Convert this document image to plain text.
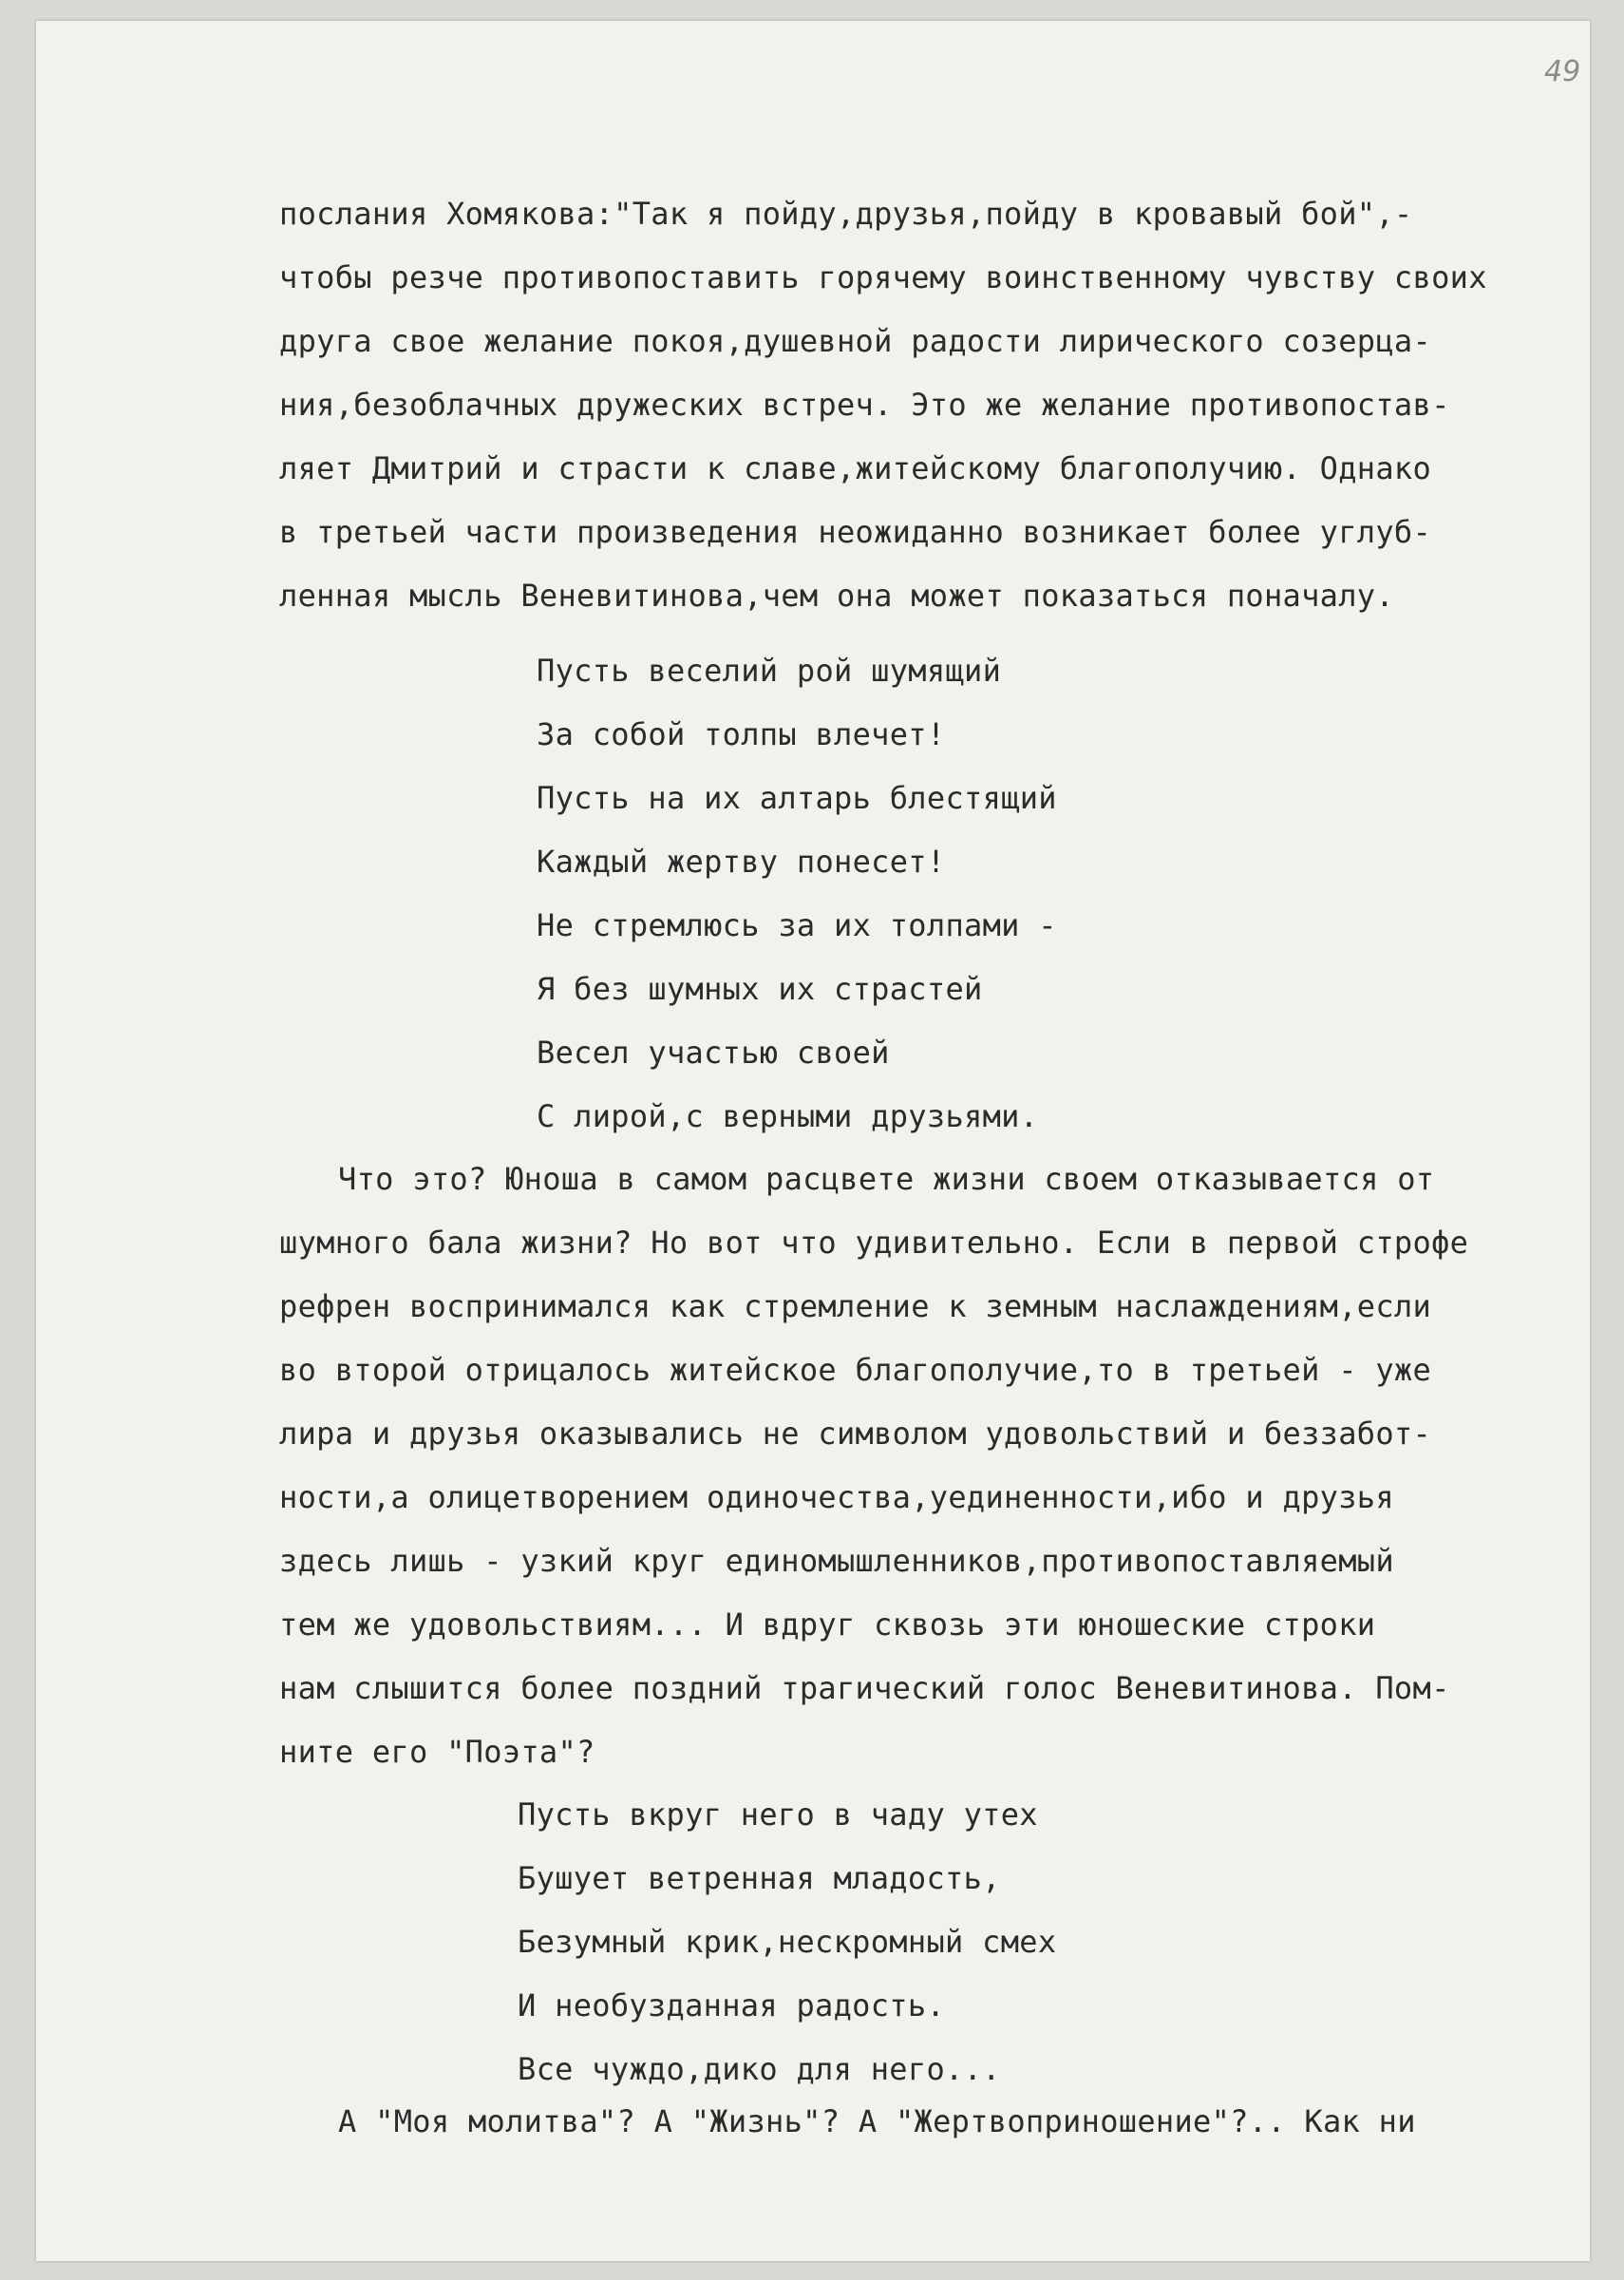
49
послания Хомякова:"Так я пойду,друзья,пойду в кровавый бой",-
чтобы резче противопоставить горячему воинственному чувству своих
друга свое желание покоя,душевной радости лирического созерца-
ния,безоблачных дружеских встреч. Это же желание противопостав-
ляет Дмитрий и страсти к славе,житейскому благополучию. Однако
в третьей части произведения неожиданно возникает более углуб-
ленная мысль Веневитинова,чем она может показаться поначалу.
Пусть веселий рой шумящий
За собой толпы влечет!
Пусть на их алтарь блестящий
Каждый жертву понесет!
Не стремлюсь за их толпами -
Я без шумных их страстей
Весел участью своей
С лирой,с верными друзьями.
Что это? Юноша в самом расцвете жизни своем отказывается от
шумного бала жизни? Но вот что удивительно. Если в первой строфе
рефрен воспринимался как стремление к земным наслаждениям,если
во второй отрицалось житейское благополучие,то в третьей - уже
лира и друзья оказывались не символом удовольствий и беззабот-
ности,а олицетворением одиночества,уединенности,ибо и друзья
здесь лишь - узкий круг единомышленников,противопоставляемый
тем же удовольствиям... И вдруг сквозь эти юношеские строки
нам слышится более поздний трагический голос Веневитинова. Пом-
ните его "Поэта"?
Пусть вкруг него в чаду утех
Бушует ветренная младость,
Безумный крик,нескромный смех
И необузданная радость.
Все чуждо,дико для него...
А "Моя молитва"? А "Жизнь"? А "Жертвоприношение"?.. Как ни
